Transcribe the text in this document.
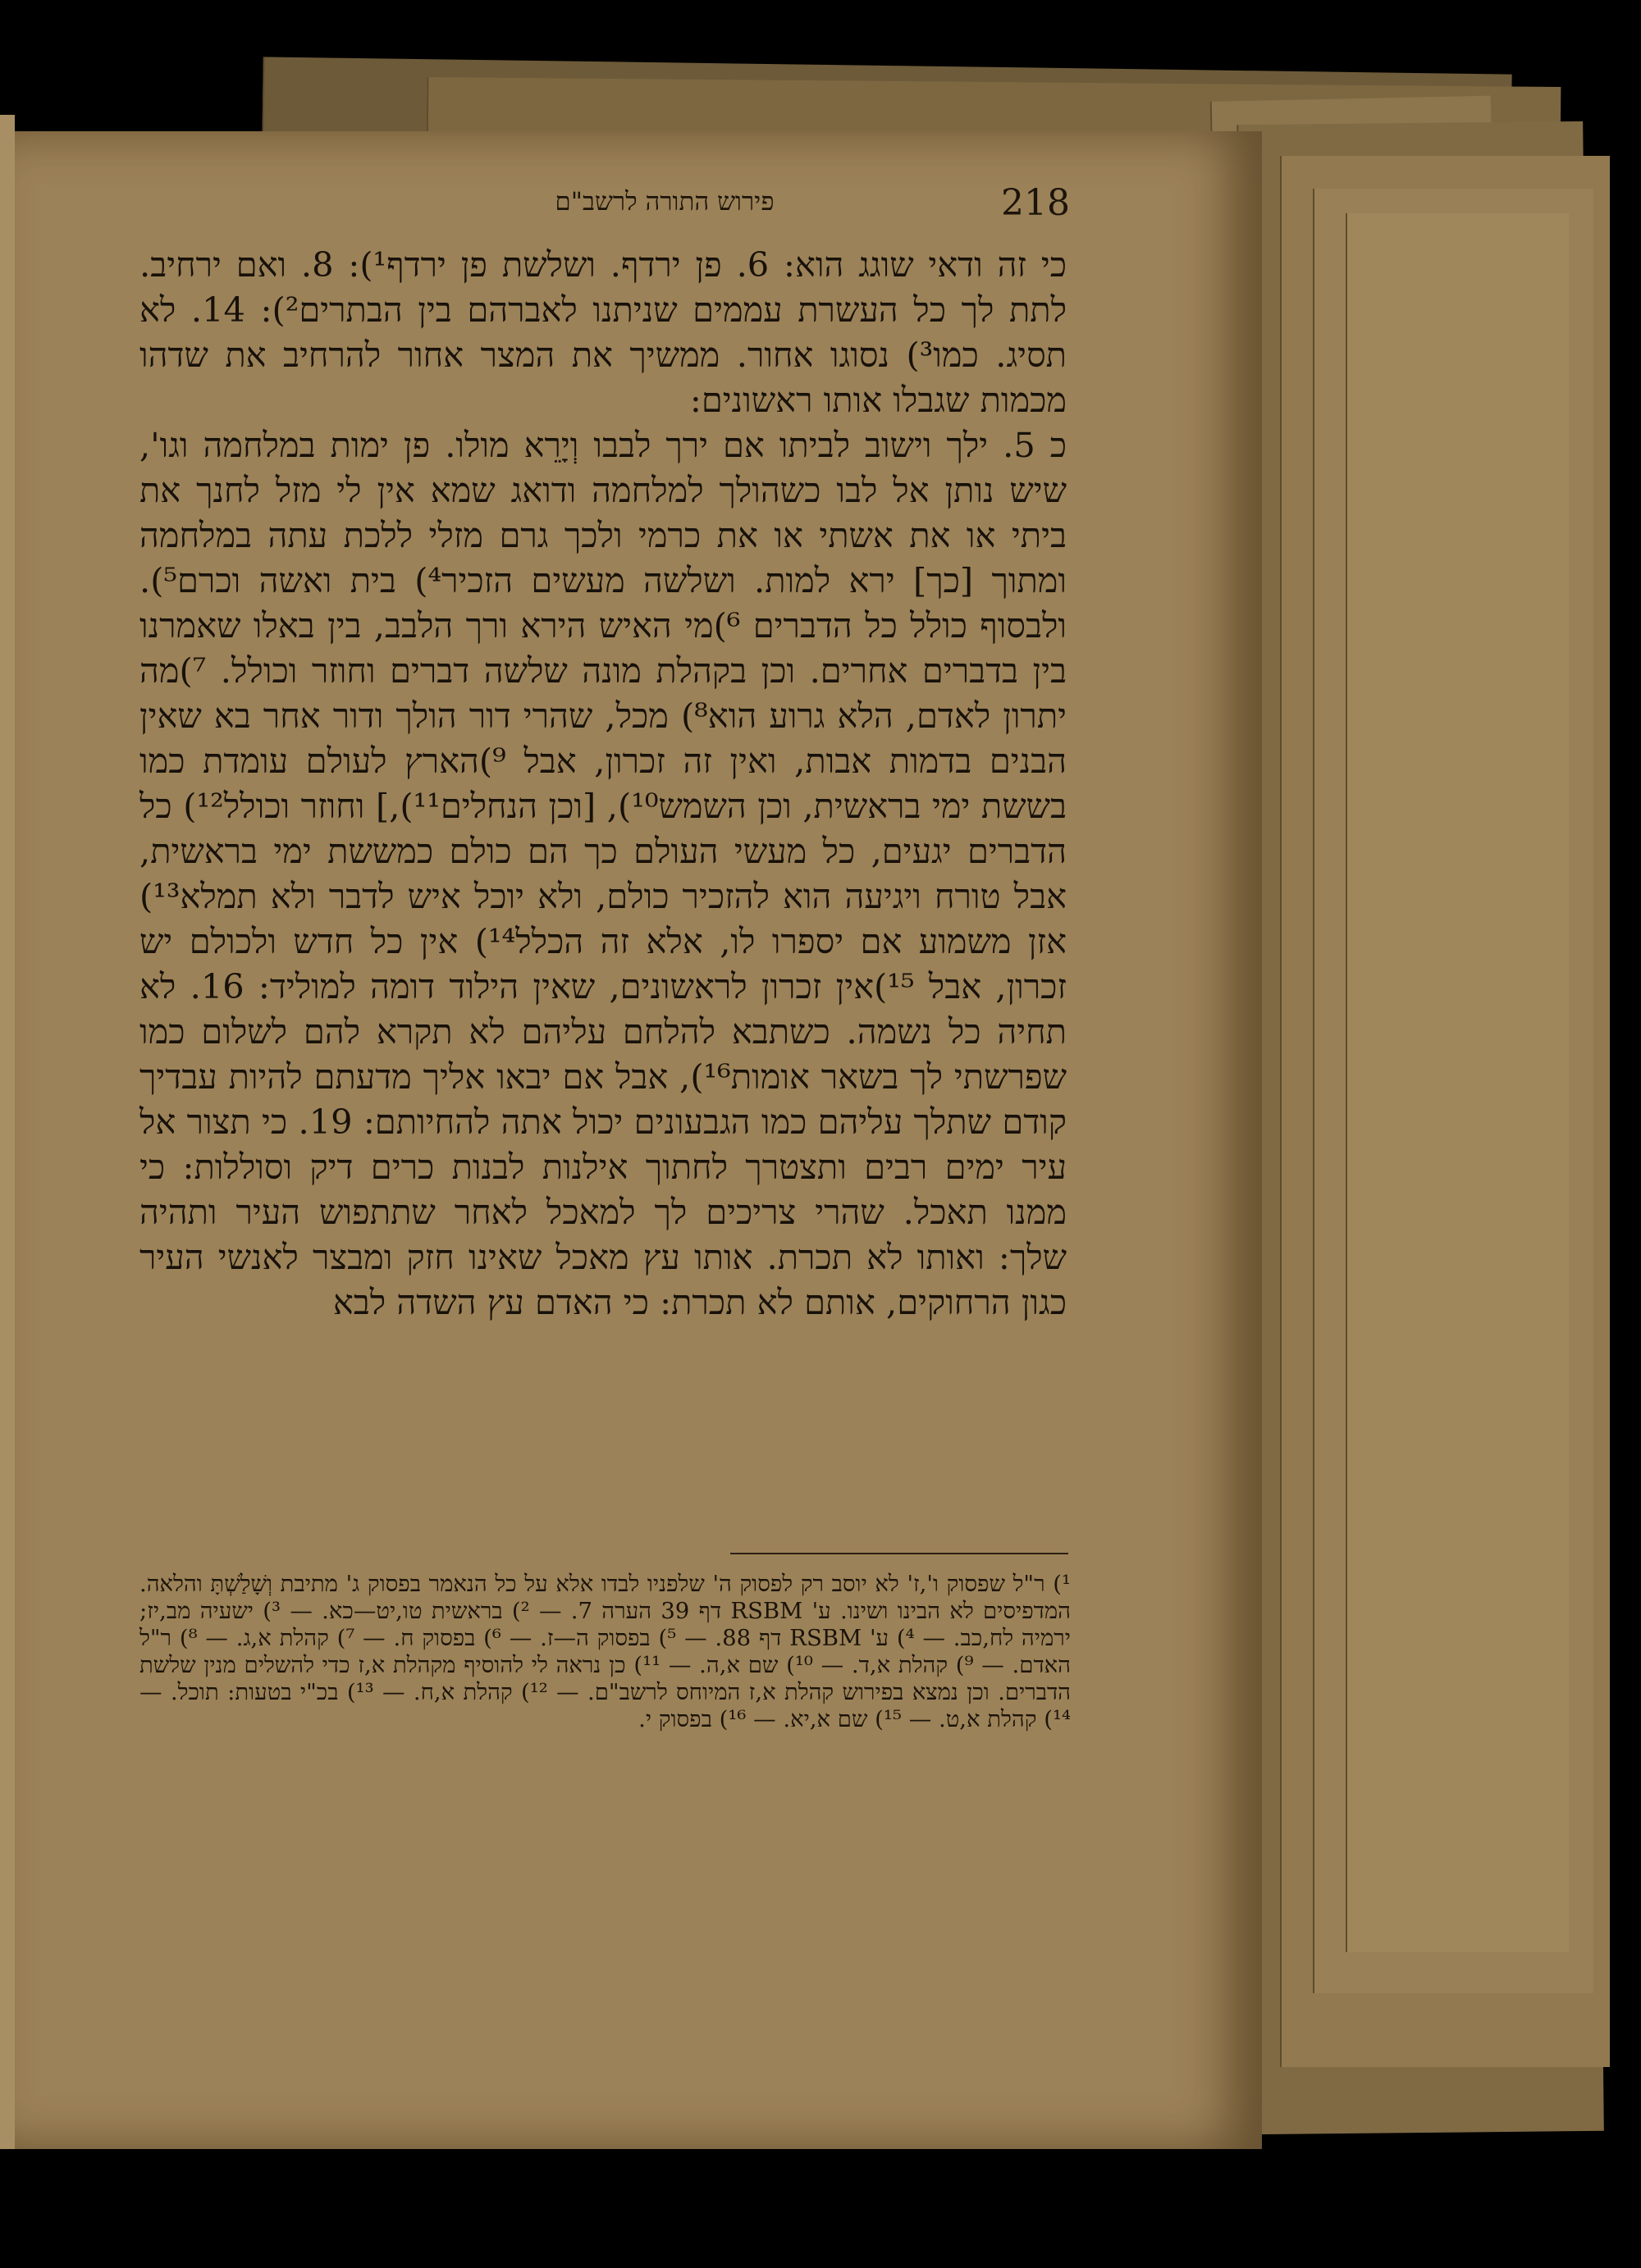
פירוש התורה לרשב"ם	218

כי זה ודאי שוגג הוא: 6. פן ירדף. ושלשת פן ירדף¹): 8. ואם ירחיב. לתת לך כל העשרת עממים שניתנו לאברהם בין הבתרים²): 14. לא תסיג. כמו³) נסוגו אחור. ממשיך את המצר אחור להרחיב את שדהו מכמות שגבלו אותו ראשונים:

כ 5. ילך וישוב לביתו אם ירך לבבו וְיָרֵא מולו. פן ימות במלחמה וגו', שיש נותן אל לבו כשהולך למלחמה ודואג שמא אין לי מזל לחנך את ביתי או את אשתי או את כרמי ולכך גרם מזלי ללכת עתה במלחמה ומתוך [כך] ירא למות. ושלשה מעשים הזכיר⁴) בית ואשה וכרם⁵). ולבסוף כולל כל הדברים ⁶)מי האיש הירא ורך הלבב, בין באלו שאמרנו בין בדברים אחרים. וכן בקהלת מונה שלשה דברים וחוזר וכולל. ⁷)מה יתרון לאדם, הלא גרוע הוא⁸) מכל, שהרי דור הולך ודור אחר בא שאין הבנים בדמות אבות, ואין זה זכרון, אבל ⁹)הארץ לעולם עומדת כמו בששת ימי בראשית, וכן השמש¹⁰), [וכן הנחלים¹¹),] וחוזר וכולל¹²) כל הדברים יגעים, כל מעשי העולם כך הם כולם כמששת ימי בראשית, אבל טורח ויגיעה הוא להזכיר כולם, ולא יוכל איש לדבר ולא תמלא¹³) אזן משמוע אם יספרו לו, אלא זה הכלל¹⁴) אין כל חדש ולכולם יש זכרון, אבל ¹⁵)אין זכרון לראשונים, שאין הילוד דומה למוליד: 16. לא תחיה כל נשמה. כשתבא להלחם עליהם לא תקרא להם לשלום כמו שפרשתי לך בשאר אומות¹⁶), אבל אם יבאו אליך מדעתם להיות עבדיך קודם שתלך עליהם כמו הגבעונים יכול אתה להחיותם: 19. כי תצור אל עיר ימים רבים ותצטרך לחתוך אילנות לבנות כרים דיק וסוללות: כי ממנו תאכל. שהרי צריכים לך למאכל לאחר שתתפוש העיר ותהיה שלך: ואותו לא תכרת. אותו עץ מאכל שאינו חזק ומבצר לאנשי העיר כגון הרחוקים, אותם לא תכרת: כי האדם עץ השדה לבא

¹) ר"ל שפסוק ו',ז' לא יוסב רק לפסוק ה' שלפניו לבדו אלא על כל הנאמר בפסוק ג' מתיבת וְשָׁלַשְׁתָּ והלאה. המדפיסים לא הבינו ושינו. ע' RSBM דף 39 הערה 7. — ²) בראשית טו,יט—כא. — ³) ישעיה מב,יז; ירמיה לח,כב. — ⁴) ע' RSBM דף 88. — ⁵) בפסוק ה—ז. — ⁶) בפסוק ח. — ⁷) קהלת א,ג. — ⁸) ר"ל האדם. — ⁹) קהלת א,ד. — ¹⁰) שם א,ה. — ¹¹) כן נראה לי להוסיף מקהלת א,ז כדי להשלים מנין שלשת הדברים. וכן נמצא בפירוש קהלת א,ז המיוחס לרשב"ם. — ¹²) קהלת א,ח. — ¹³) בכ"י בטעות: תוכל. — ¹⁴) קהלת א,ט. — ¹⁵) שם א,יא. — ¹⁶) בפסוק י.
